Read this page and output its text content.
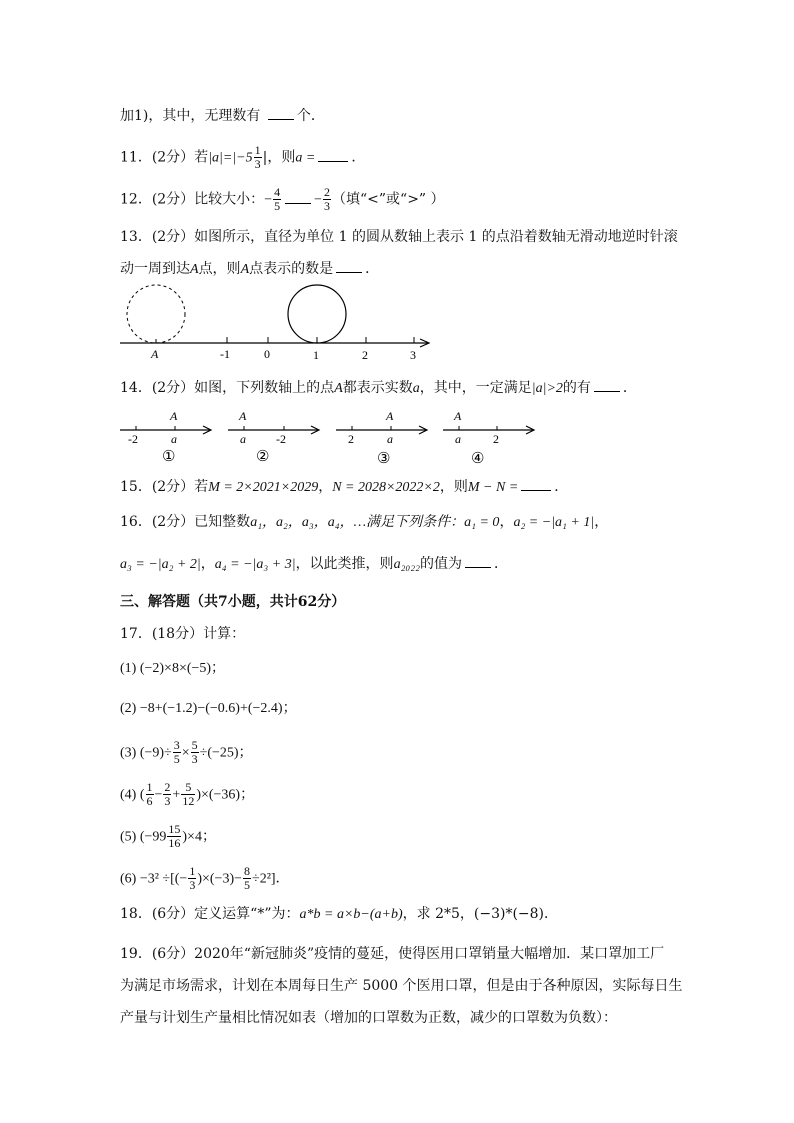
加1)，其中，无理数有	个．
11．(2分）若$|a|=|-5 \frac{1}{3}$ |，则a =	．
12．(2分）比较大小：− $\frac{4}{5} - \frac{2}{3}$ （填“<”或“>” ）
13．(2分）如图所示，直径为单位 1 的圆从数轴上表示 1 的点沿着数轴无滑动地逆时针滚
动一周到达A点，则A点表示的数是 ．
A	-1	0	1	2	3
14．(2分）如图，下列数轴上的点A都表示实数a，其中，一定满足|a|>2的有 ．
A
-2	a
①
A
a	-2
②
A
2	a
③
A
a	2
④
15．(2分）若M = 2×2021×2029，N = 2028×2022×2，则M − N =	．
16．(2分）已知整数a₁，a₂，a₃，a₄，…满足下列条件：a₁ = 0，a₂ = −|a₁ + 1|，
a₃ = −|a₂ + 2|，a₄ = −|a₃ + 3|，以此类推，则a₂₀₂₂的值为 ．
三、解答题（共7小题，共计62分）
17．(18分）计算：
(1) (−2)×8×(−5)；
(2) −8+(−1.2)−(−0.6)+(−2.4)；
(3) $(-9)\div \frac{3}{5} \times \frac{5}{3} \div(-25)$；
(4) ( $\frac{1}{6} - \frac{2}{3} + \frac{5}{12} )\times(-36)$；
(5) $(-99 \frac{15}{16} )\times 4$；
(6) −3² ÷[(− $\frac{1}{3} )\times(-3)- \frac{8}{5} \div 2^2$]．
18．(6分）定义运算“*”为：a*b = a×b−(a+b)，求 2*5，(−3)*(−8)．
19．(6分）2020年“新冠肺炎”疫情的蔓延，使得医用口罩销量大幅增加．某口罩加工厂
为满足市场需求，计划在本周每日生产 5000 个医用口罩，但是由于各种原因，实际每日生
产量与计划生产量相比情况如表（增加的口罩数为正数，减少的口罩数为负数）：
